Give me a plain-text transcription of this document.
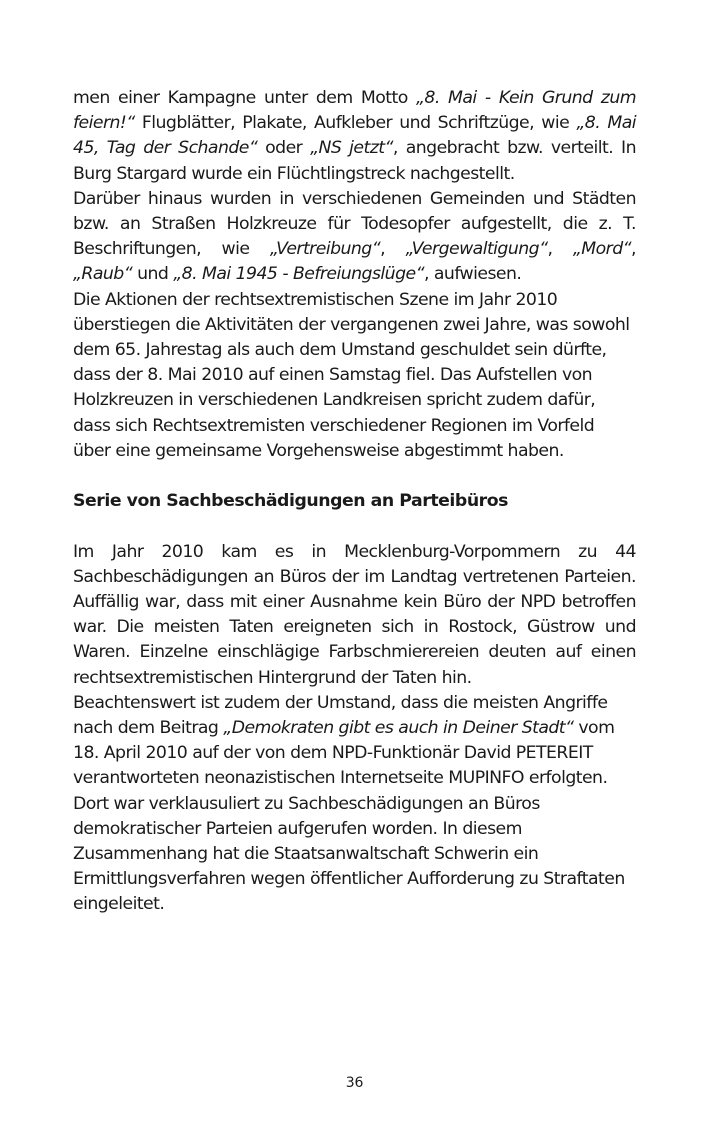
men einer Kampagne unter dem Motto „8. Mai - Kein Grund zum feiern!“ Flugblätter, Plakate, Aufkleber und Schriftzüge, wie „8. Mai 45, Tag der Schande“ oder „NS jetzt“, angebracht bzw. verteilt. In Burg Stargard wurde ein Flüchtlingstreck nachgestellt.

Darüber hinaus wurden in verschiedenen Gemeinden und Städten bzw. an Straßen Holzkreuze für Todesopfer aufgestellt, die z. T. Beschriftungen, wie „Vertreibung“, „Vergewaltigung“, „Mord“, „Raub“ und „8. Mai 1945 - Befreiungslüge“, aufwiesen.

Die Aktionen der rechtsextremistischen Szene im Jahr 2010 überstiegen die Aktivitäten der vergangenen zwei Jahre, was sowohl dem 65. Jahrestag als auch dem Umstand geschuldet sein dürfte, dass der 8. Mai 2010 auf einen Samstag fiel. Das Aufstellen von Holzkreuzen in verschiedenen Landkreisen spricht zudem dafür, dass sich Rechtsextremisten verschiedener Regionen im Vorfeld über eine gemeinsame Vorgehensweise abgestimmt haben.

Serie von Sachbeschädigungen an Parteibüros

Im Jahr 2010 kam es in Mecklenburg-Vorpommern zu 44 Sachbeschädigungen an Büros der im Landtag vertretenen Parteien. Auffällig war, dass mit einer Ausnahme kein Büro der NPD betroffen war. Die meisten Taten ereigneten sich in Rostock, Güstrow und Waren. Einzelne einschlägige Farbschmierereien deuten auf einen rechtsextremistischen Hintergrund der Taten hin.

Beachtenswert ist zudem der Umstand, dass die meisten Angriffe nach dem Beitrag „Demokraten gibt es auch in Deiner Stadt“ vom 18. April 2010 auf der von dem NPD-Funktionär David PETEREIT verantworteten neonazistischen Internetseite MUPINFO erfolgten. Dort war verklausuliert zu Sachbeschädigungen an Büros demokratischer Parteien aufgerufen worden. In diesem Zusammenhang hat die Staatsanwaltschaft Schwerin ein Ermittlungsverfahren wegen öffentlicher Aufforderung zu Straftaten eingeleitet.

36
